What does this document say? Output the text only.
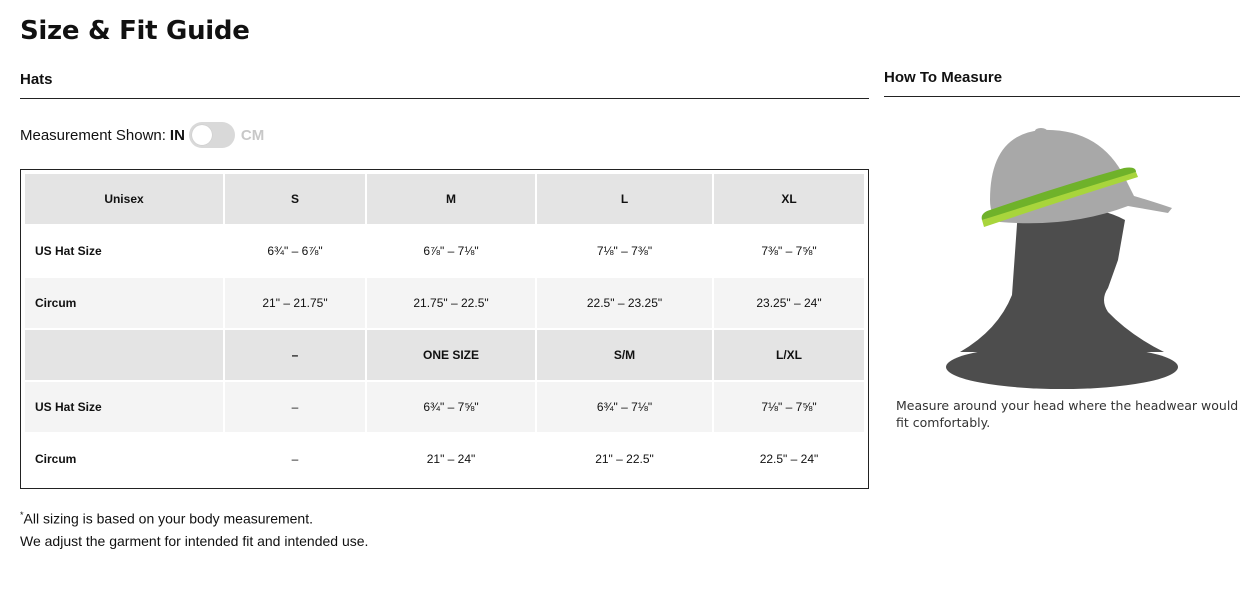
Size & Fit Guide
Hats	How To Measure
Measurement Shown: IN	CM
Unisex	S	M	L	XL
US Hat Size	6¾" – 6⅞"	6⅞" – 7⅛"	7⅛" – 7⅜"	7⅜" – 7⅝"
Circum	21" – 21.75"	21.75" – 22.5"	22.5" – 23.25"	23.25" – 24"
	–	ONE SIZE	S/M	L/XL
US Hat Size	–	6¾" – 7⅝"	6¾" – 7⅛"	7⅛" – 7⅝"
Circum	–	21" – 24"	21" – 22.5"	22.5" – 24"
*All sizing is based on your body measurement.
We adjust the garment for intended fit and intended use.
Measure around your head where the headwear would fit comfortably.
